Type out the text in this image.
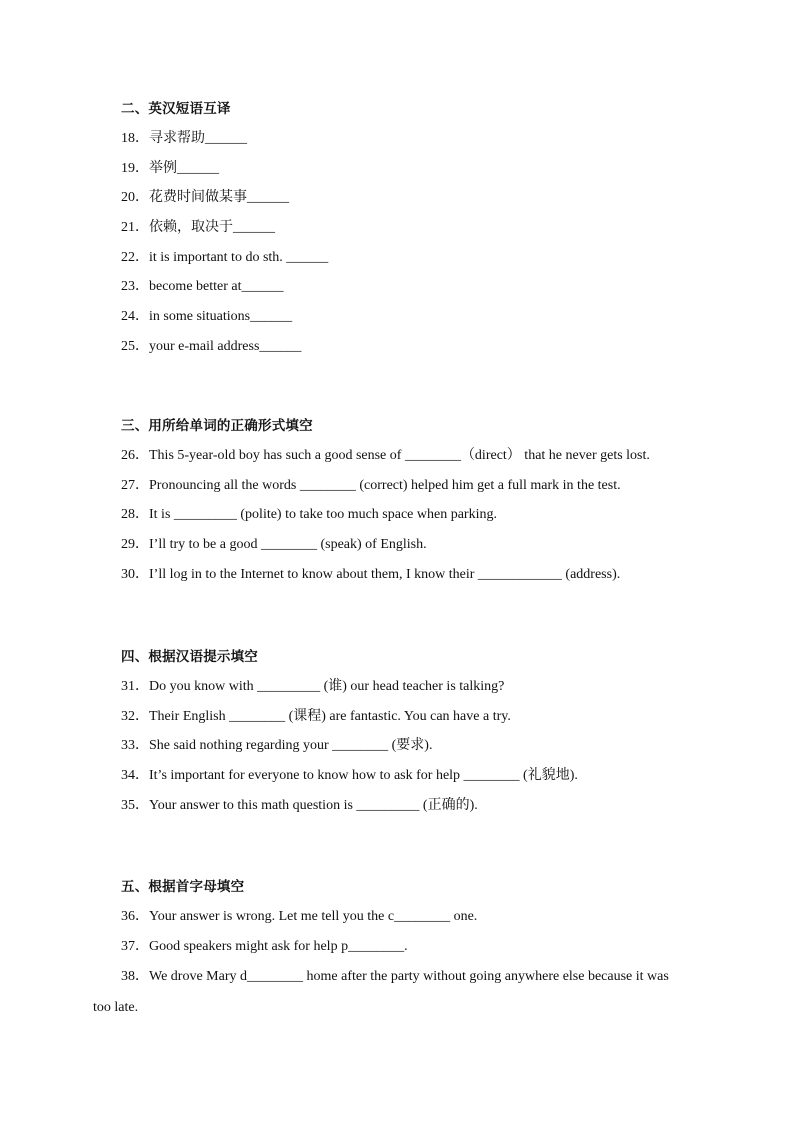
二、英汉短语互译
18．寻求帮助______
19．举例______
20．花费时间做某事______
21．依赖，取决于______
22．it is important to do sth. ______
23．become better at______
24．in some situations______
25．your e-mail address______
三、用所给单词的正确形式填空
26．This 5-year-old boy has such a good sense of ________（direct） that he never gets lost.
27．Pronouncing all the words ________ (correct) helped him get a full mark in the test.
28．It is _________ (polite) to take too much space when parking.
29．I’ll try to be a good ________ (speak) of English.
30．I’ll log in to the Internet to know about them, I know their ____________ (address).
四、根据汉语提示填空
31．Do you know with _________ (谁) our head teacher is talking?
32．Their English ________ (课程) are fantastic. You can have a try.
33．She said nothing regarding your ________ (要求).
34．It’s important for everyone to know how to ask for help ________ (礼貌地).
35．Your answer to this math question is _________ (正确的).
五、根据首字母填空
36．Your answer is wrong. Let me tell you the c________ one.
37．Good speakers might ask for help p________.
38．We drove Mary d________ home after the party without going anywhere else because it was
too late.
